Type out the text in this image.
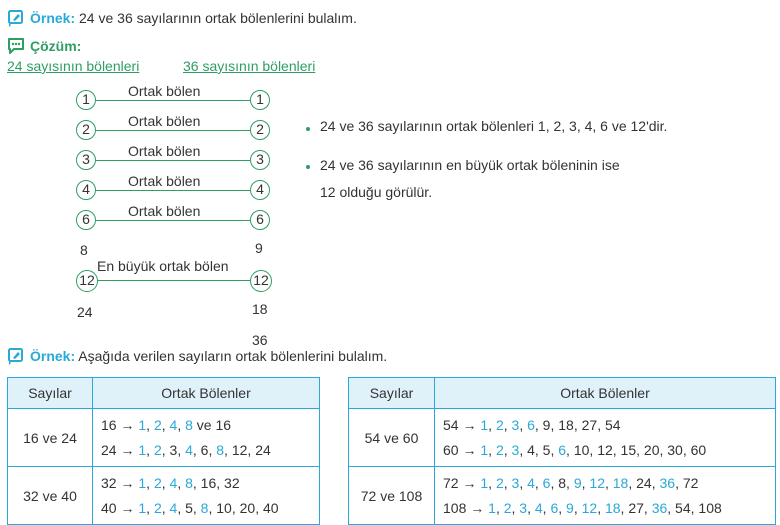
Örnek: 24 ve 36 sayılarının ortak bölenlerini bulalım.
Çözüm:
24 sayısının bölenleri	36 sayısının bölenleri
Ortak bölen
1	1
Ortak bölen
2	2
Ortak bölen
3	3
Ortak bölen
4	4
Ortak bölen
6	6
8
24
9
18
36
En büyük ortak bölen
12	12
24 ve 36 sayılarının ortak bölenleri 1, 2, 3, 4, 6 ve 12'dir.
24 ve 36 sayılarının en büyük ortak böleninin ise
12 olduğu görülür.
Örnek: Aşağıda verilen sayıların ortak bölenlerini bulalım.
Sayılar	Ortak Bölenler
16 ve 24	16 → 1, 2, 4, 8 ve 16
24 → 1, 2, 3, 4, 6, 8, 12, 24

32 ve 40	32 → 1, 2, 4, 8, 16, 32
40 → 1, 2, 4, 5, 8, 10, 20, 40
Sayılar	Ortak Bölenler
54 ve 60	54 → 1, 2, 3, 6, 9, 18, 27, 54
60 → 1, 2, 3, 4, 5, 6, 10, 12, 15, 20, 30, 60

72 ve 108	72 → 1, 2, 3, 4, 6, 8, 9, 12, 18, 24, 36, 72
108 → 1, 2, 3, 4, 6, 9, 12, 18, 27, 36, 54, 108
